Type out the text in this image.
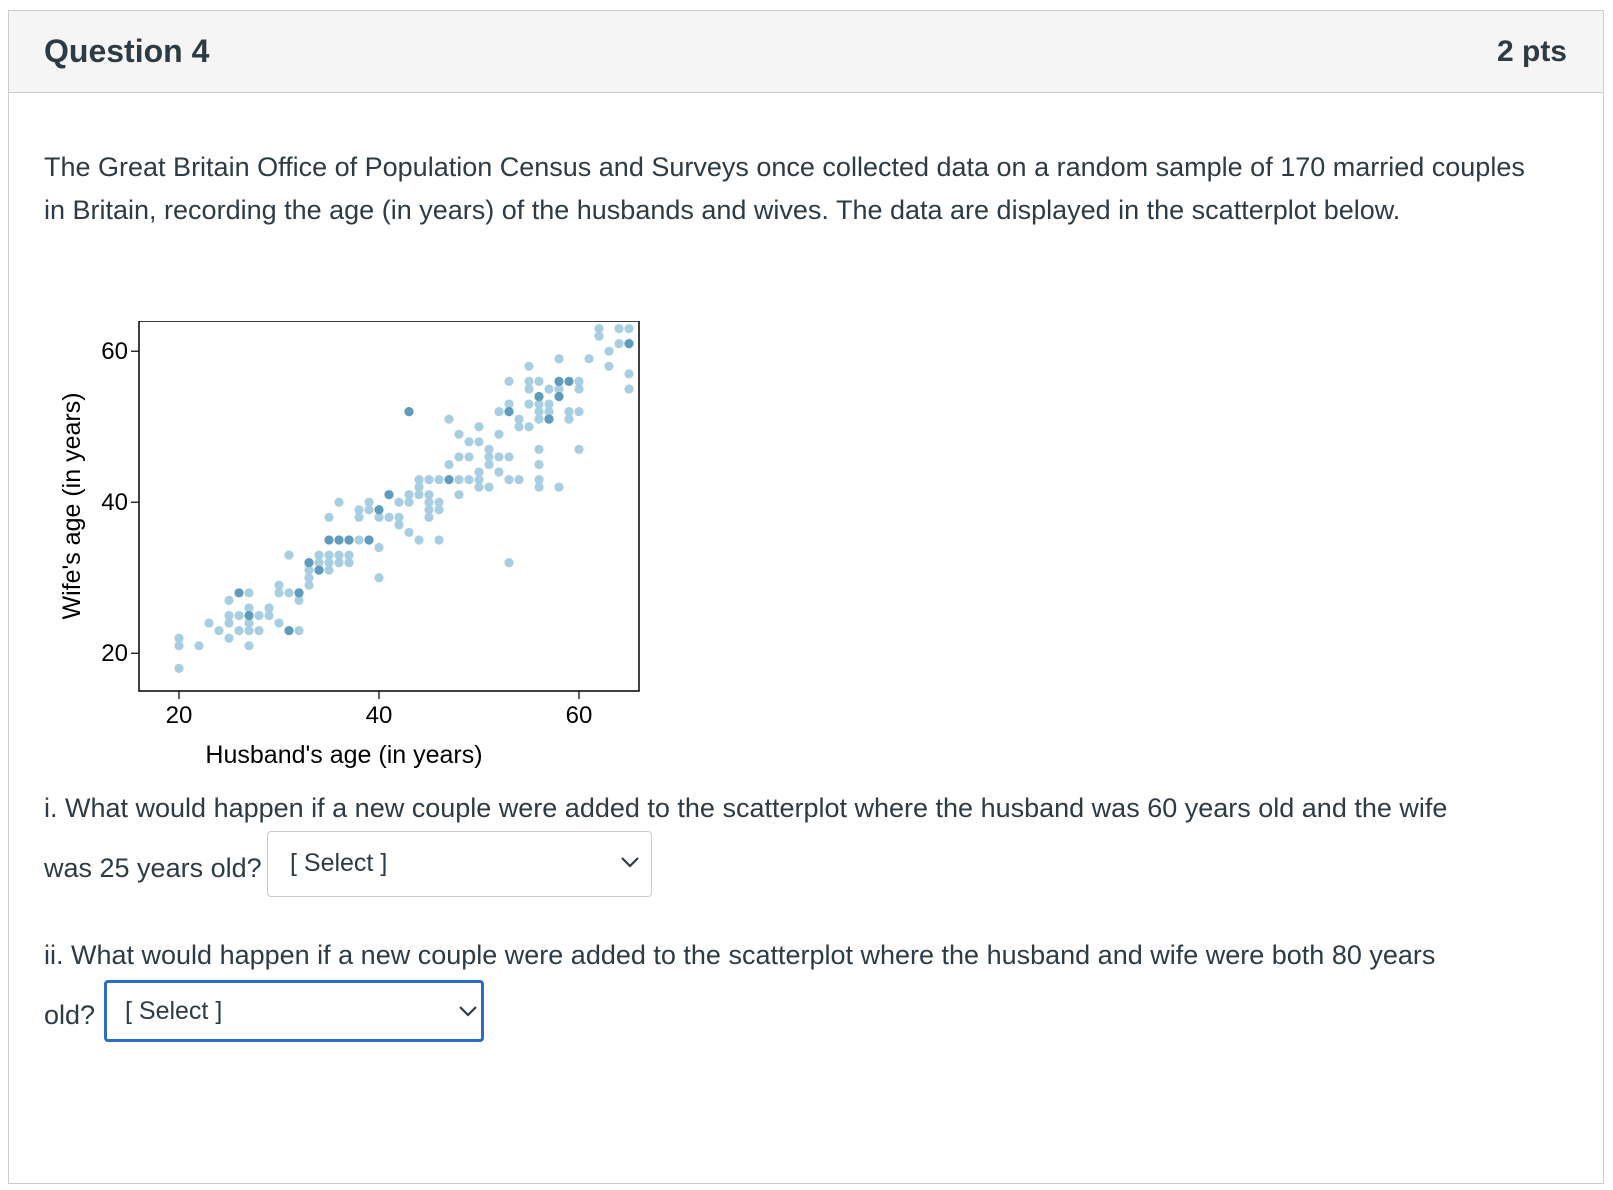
Question 4	2 pts
The Great Britain Office of Population Census and Surveys once collected data on a random sample of 170 married couples in Britain, recording the age (in years) of the husbands and wives. The data are displayed in the scatterplot below.
20	40	60
20
40
60
Husband's age (in years)
Wife's age (in years)
i. What would happen if a new couple were added to the scatterplot where the husband was 60 years old and the wife
was 25 years old? [ Select ]
ii. What would happen if a new couple were added to the scatterplot where the husband and wife were both 80 years
old? [ Select ]
